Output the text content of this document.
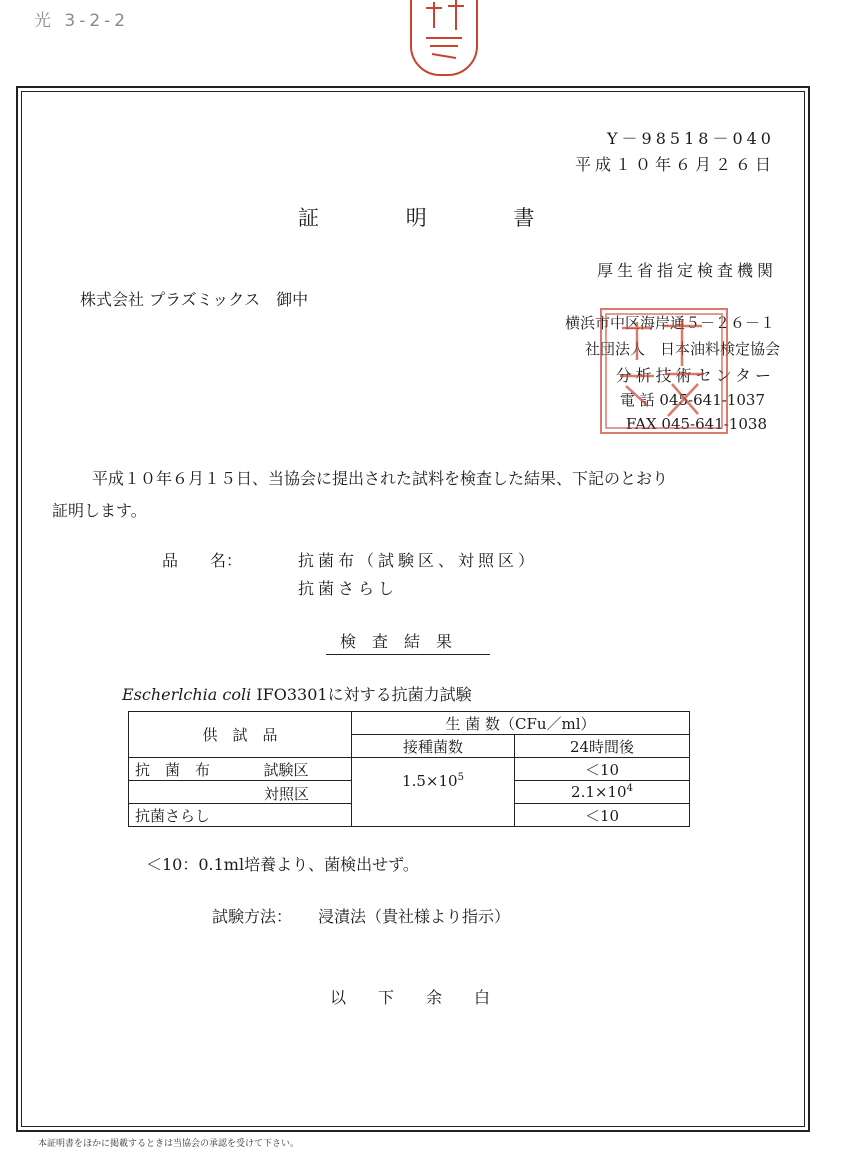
光 3-2-2
Y－98518－040
平成１０年６月２６日
証	明	書
厚生省指定検査機関
株式会社 プラズミックス　御中
横浜市中区海岸通５－２６－１
社団法人　日本油料検定協会
分析技術センター
電 話 045-641-1037
FAX 045-641-1038
平成１０年６月１５日、当協会に提出された試料を検査した結果、下記のとおり
証明します。
品　　名：	抗菌布（試験区、対照区）
抗菌さらし
検　査　結　果
Escherlchia coli IFO3301に対する抗菌力試験
供　試　品	生 菌 数（CFu／ml）	
	接種菌数	24時間後
抗　菌　布 試験区	$1.5\times 10^5$	＜10

対照区		$2.1\times 10^4$
抗菌さらし		＜10
＜10：0.1ml培養より、菌検出せず。
試験方法： 浸漬法（貴社様より指示）
以　　下　　余　　白
本証明書をほかに掲載するときは当協会の承認を受けて下さい。
